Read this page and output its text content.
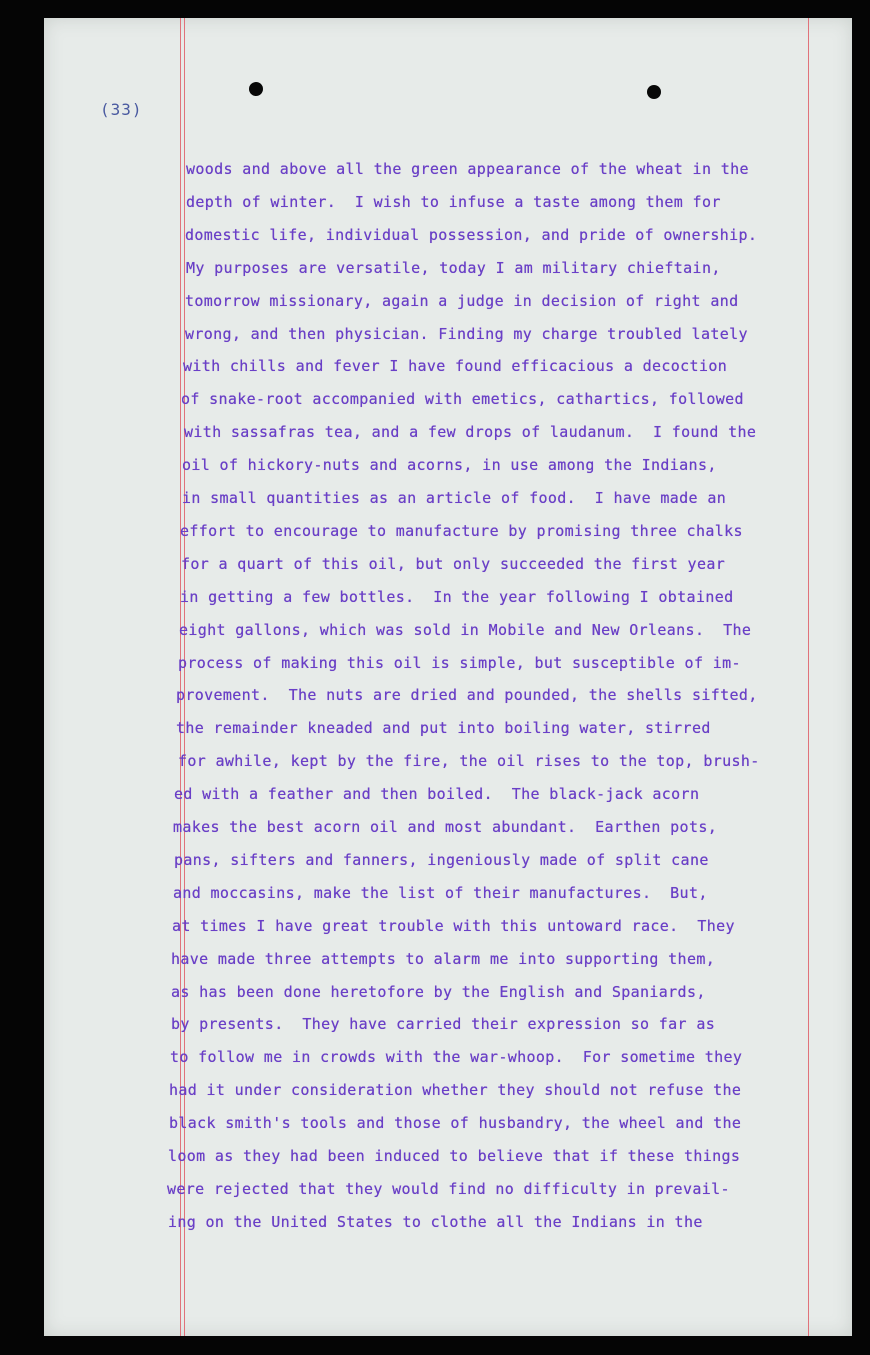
(33)
woods and above all the green appearance of the wheat in the
depth of winter.  I wish to infuse a taste among them for
domestic life, individual possession, and pride of ownership.
My purposes are versatile, today I am military chieftain,
tomorrow missionary, again a judge in decision of right and
wrong, and then physician. Finding my charge troubled lately
with chills and fever I have found efficacious a decoction
of snake-root accompanied with emetics, cathartics, followed
with sassafras tea, and a few drops of laudanum.  I found the
oil of hickory-nuts and acorns, in use among the Indians,
in small quantities as an article of food.  I have made an
effort to encourage to manufacture by promising three chalks
for a quart of this oil, but only succeeded the first year
in getting a few bottles.  In the year following I obtained
eight gallons, which was sold in Mobile and New Orleans.  The
process of making this oil is simple, but susceptible of im-
provement.  The nuts are dried and pounded, the shells sifted,
the remainder kneaded and put into boiling water, stirred
for awhile, kept by the fire, the oil rises to the top, brush-
ed with a feather and then boiled.  The black-jack acorn
makes the best acorn oil and most abundant.  Earthen pots,
pans, sifters and fanners, ingeniously made of split cane
and moccasins, make the list of their manufactures.  But,
at times I have great trouble with this untoward race.  They
have made three attempts to alarm me into supporting them,
as has been done heretofore by the English and Spaniards,
by presents.  They have carried their expression so far as
to follow me in crowds with the war-whoop.  For sometime they
had it under consideration whether they should not refuse the
black smith's tools and those of husbandry, the wheel and the
loom as they had been induced to believe that if these things
were rejected that they would find no difficulty in prevail-
ing on the United States to clothe all the Indians in the
